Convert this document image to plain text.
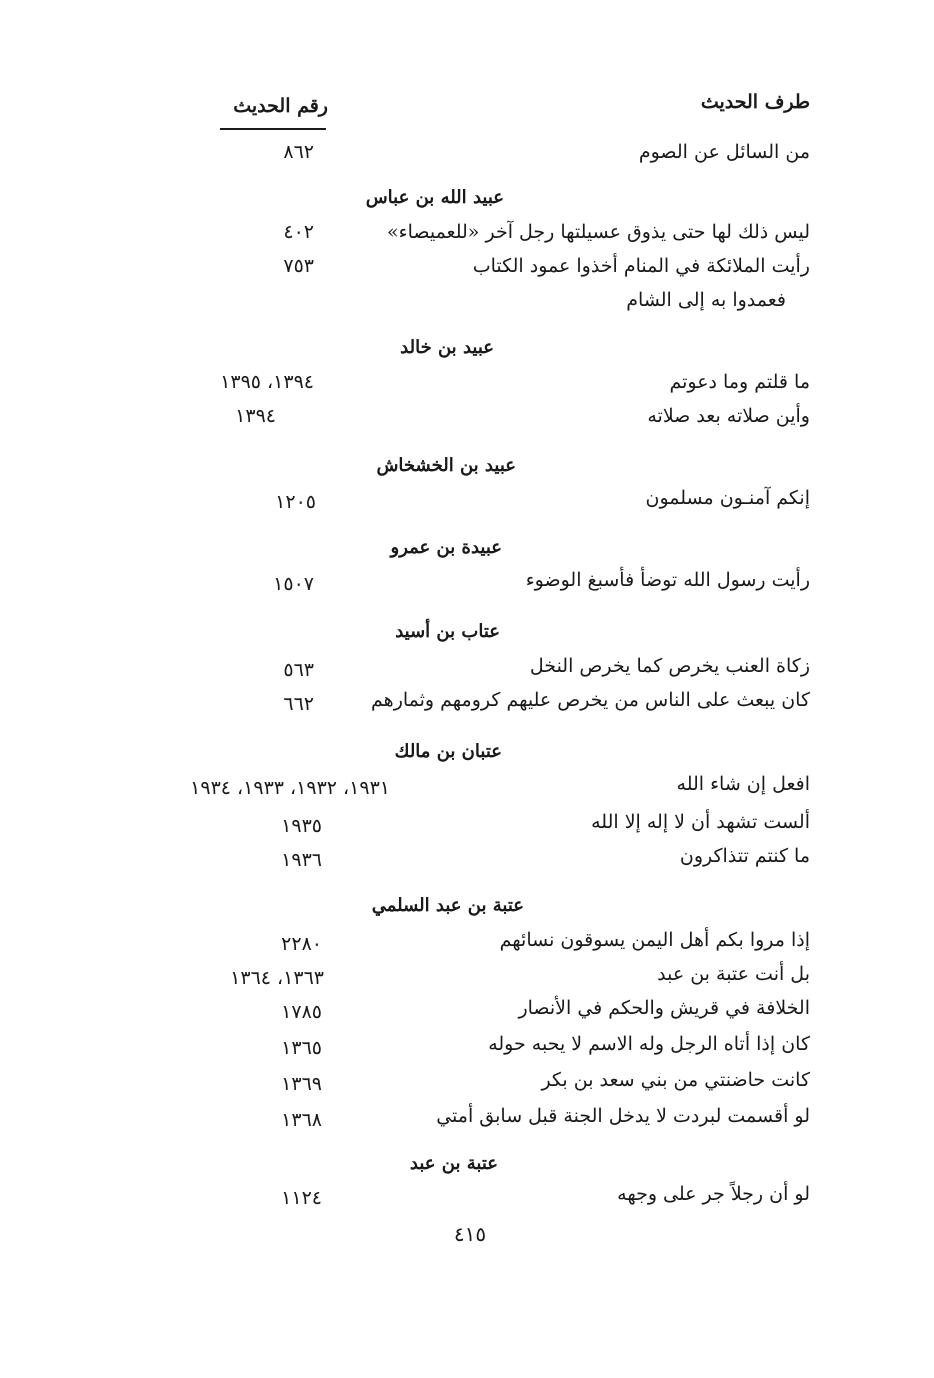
طرف الحديث
رقم الحديث
من السائل عن الصوم
٨٦٢
عبيد الله بن عباس
ليس ذلك لها حتى يذوق عسيلتها رجل آخر «للعميصاء»
٤٠٢
رأيت الملائكة في المنام أخذوا عمود الكتاب
٧٥٣
فعمدوا به إلى الشام
عبيد بن خالد
ما قلتم وما دعوتم
١٣٩٤، ١٣٩٥
وأين صلاته بعد صلاته
١٣٩٤
عبيد بن الخشخاش
إنكم آمنـون مسلمون
١٢٠٥
عبيدة بن عمرو
رأيت رسول الله توضأ فأسبغ الوضوء
١٥٠٧
عتاب بن أسيد
زكاة العنب يخرص كما يخرص النخل
٥٦٣
كان يبعث على الناس من يخرص عليهم كرومهم وثمارهم
٦٦٢
عتبان بن مالك
افعل إن شاء الله
١٩٣١، ١٩٣٢، ١٩٣٣، ١٩٣٤
ألست تشهد أن لا إله إلا الله
١٩٣٥
ما كنتم تتذاكرون
١٩٣٦
عتبة بن عبد السلمي
إذا مروا بكم أهل اليمن يسوقون نسائهم
٢٢٨٠
بل أنت عتبة بن عبد
١٣٦٣، ١٣٦٤
الخلافة في قريش والحكم في الأنصار
١٧٨٥
كان إذا أتاه الرجل وله الاسم لا يحبه حوله
١٣٦٥
كانت حاضنتي من بني سعد بن بكر
١٣٦٩
لو أقسمت لبردت لا يدخل الجنة قبل سابق أمتي
١٣٦٨
عتبة بن عبد
لو أن رجلاً جر على وجهه
١١٢٤
٤١٥
